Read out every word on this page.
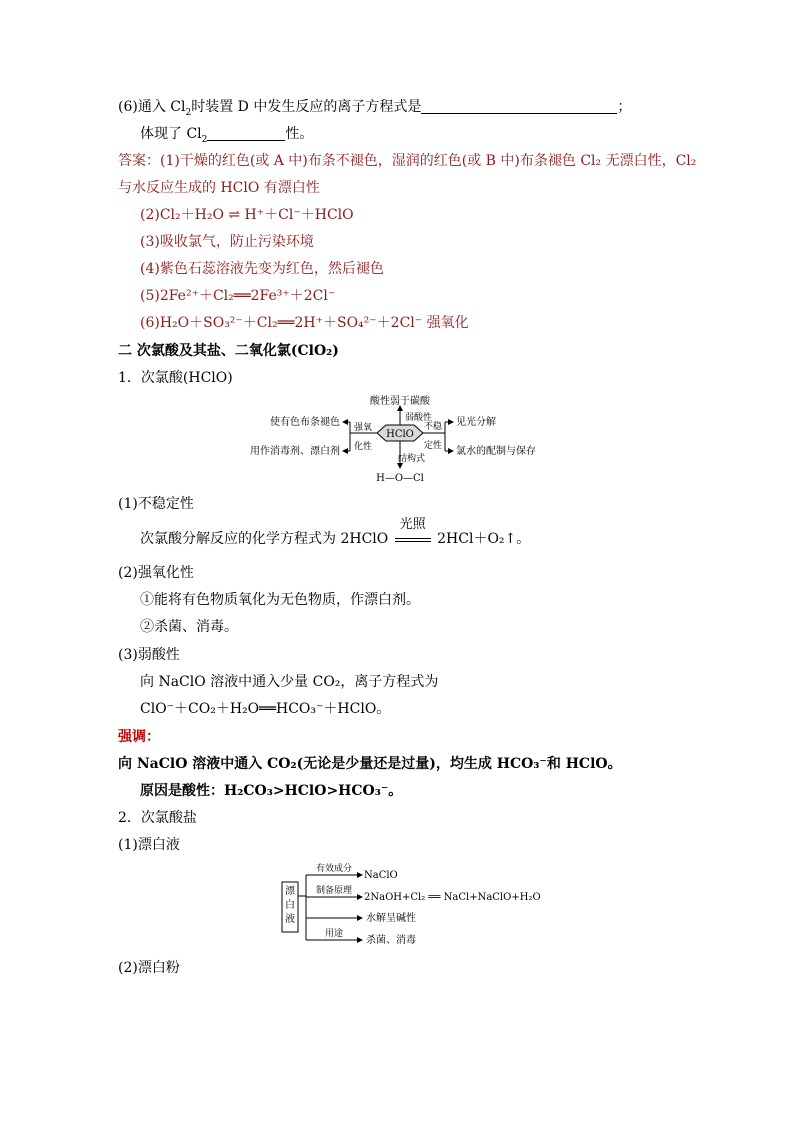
(6)通入 $Cl_2$时装置 D 中发生反应的离子方程式是	；
体现了 $Cl_2$	性。
答案：(1)干燥的红色(或 A 中)布条不褪色，湿润的红色(或 B 中)布条褪色 Cl₂ 无漂白性，Cl₂
与水反应生成的 HClO 有漂白性
(2)Cl₂＋H₂O ⇌ H⁺＋Cl⁻＋HClO
(3)吸收氯气，防止污染环境
(4)紫色石蕊溶液先变为红色，然后褪色
(5)2Fe²⁺＋Cl₂══2Fe³⁺＋2Cl⁻
(6)H₂O＋SO₃²⁻＋Cl₂══2H⁺＋SO₄²⁻＋2Cl⁻ 强氧化
二 次氯酸及其盐、二氧化氯(ClO₂)
1．次氯酸(HClO)
HClO
酸性弱于碳酸
弱酸性
强氧
化性
使有色布条褪色
用作消毒剂、漂白剂
不稳
定性
见光分解
氯水的配制与保存
结构式
H—O—Cl
(1)不稳定性
次氯酸分解反应的化学方程式为 2HClO
光照
2HCl＋O₂↑。
(2)强氧化性
①能将有色物质氧化为无色物质，作漂白剂。
②杀菌、消毒。
(3)弱酸性
向 NaClO 溶液中通入少量 CO₂，离子方程式为
ClO⁻＋CO₂＋H₂O══HCO₃⁻＋HClO。
强调：
向 NaClO 溶液中通入 CO₂(无论是少量还是过量)，均生成 HCO₃⁻和 HClO。
原因是酸性：H₂CO₃>HClO>HCO₃⁻。
2．次氯酸盐
(1)漂白液
漂白液
有效成分
NaClO
制备原理
2NaOH+Cl₂ ══ NaCl+NaClO+H₂O
水解呈碱性
用途
杀菌、消毒
(2)漂白粉
